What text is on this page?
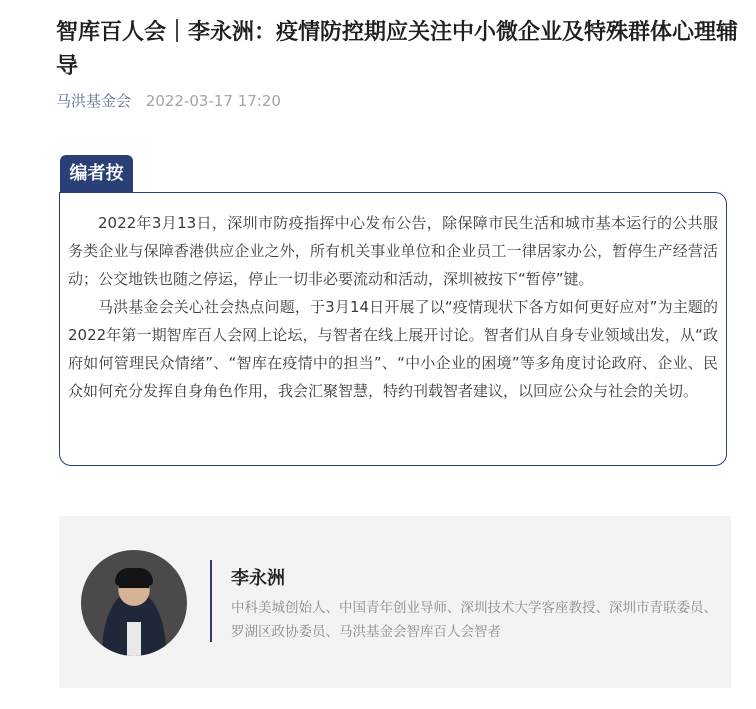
智库百人会｜李永洲：疫情防控期应关注中小微企业及特殊群体心理辅导
马洪基金会 2022-03-17 17:20
编者按

2022年3月13日，深圳市防疫指挥中心发布公告，除保障市民生活和城市基本运行的公共服务类企业与保障香港供应企业之外，所有机关事业单位和企业员工一律居家办公，暂停生产经营活动；公交地铁也随之停运，停止一切非必要流动和活动，深圳被按下“暂停”键。

马洪基金会关心社会热点问题，于3月14日开展了以“疫情现状下各方如何更好应对”为主题的2022年第一期智库百人会网上论坛，与智者在线上展开讨论。智者们从自身专业领域出发，从“政府如何管理民众情绪”、“智库在疫情中的担当”、“中小企业的困境”等多角度讨论政府、企业、民众如何充分发挥自身角色作用，我会汇聚智慧，特约刊载智者建议，以回应公众与社会的关切。

李永洲
中科美城创始人、中国青年创业导师、深圳技术大学客座教授、深圳市青联委员、罗湖区政协委员、马洪基金会智库百人会智者
